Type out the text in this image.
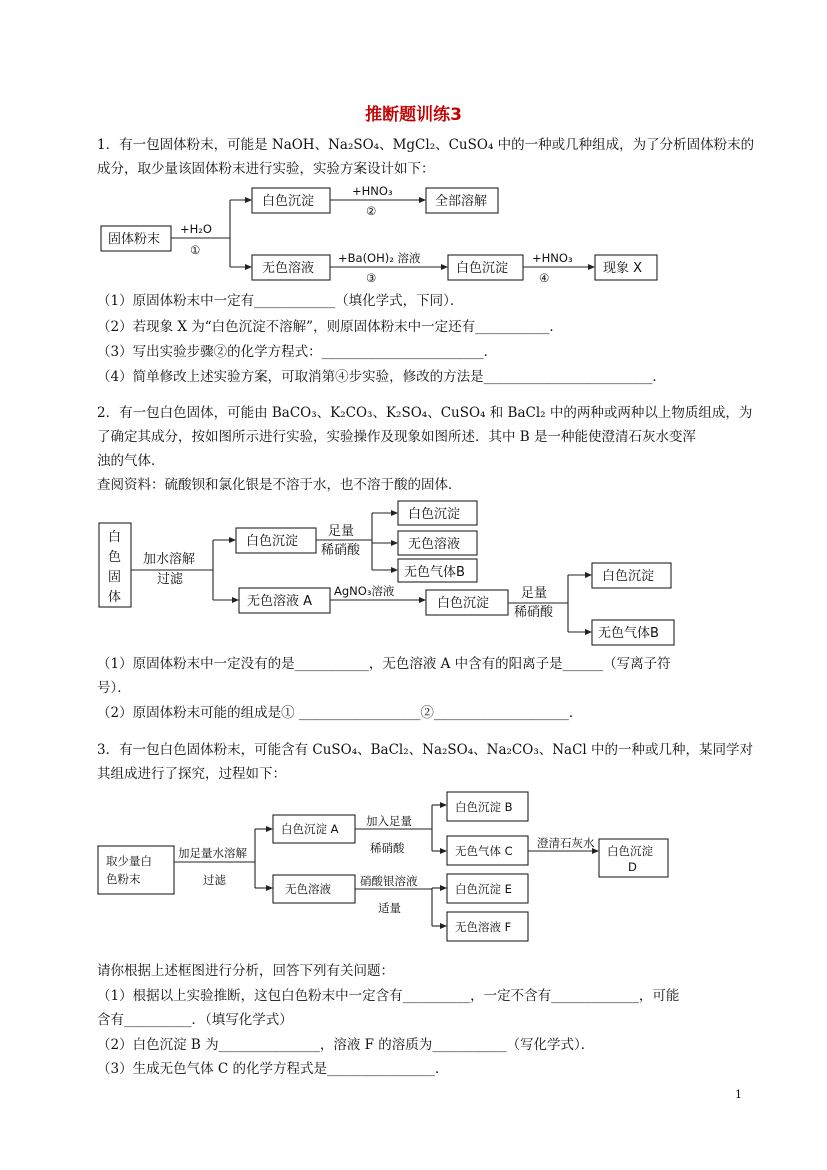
推断题训练3
1．有一包固体粉末，可能是 NaOH、Na₂SO₄、MgCl₂、CuSO₄ 中的一种或几种组成，为了分析固体粉末的
成分，取少量该固体粉末进行实验，实验方案设计如下：
固体粉末
+H₂O
①
白色沉淀
+HNO₃
②
全部溶解
无色溶液
+Ba(OH)₂ 溶液
③
白色沉淀
+HNO₃
④
现象 X
白
色
固
体
加水溶解
过滤
白色沉淀
足量
稀硝酸
白色沉淀
无色溶液
无色气体B
无色溶液 A
AgNO₃溶液
白色沉淀
足量
稀硝酸
白色沉淀
无色气体B
取少量白
色粉末
加足量水溶解
过滤
白色沉淀 A
加入足量
稀硝酸
白色沉淀 B
无色气体 C
澄清石灰水
白色沉淀
D
无色溶液
硝酸银溶液
适量
白色沉淀 E
无色溶液 F
（1）原固体粉末中一定有____________（填化学式，下同）．
（2）若现象 X 为“白色沉淀不溶解”，则原固体粉末中一定还有___________．
（3）写出实验步骤②的化学方程式：________________________．
（4）简单修改上述实验方案，可取消第④步实验，修改的方法是_________________________．
2．有一包白色固体，可能由 BaCO₃、K₂CO₃、K₂SO₄、CuSO₄ 和 BaCl₂ 中的两种或两种以上物质组成，为
了确定其成分，按如图所示进行实验，实验操作及现象如图所述．其中 B 是一种能使澄清石灰水变浑
浊的气体．
查阅资料：硫酸钡和氯化银是不溶于水，也不溶于酸的固体．
（1）原固体粉末中一定没有的是___________，无色溶液 A 中含有的阳离子是______（写离子符
号）．
（2）原固体粉末可能的组成是① __________________②____________________．
3．有一包白色固体粉末，可能含有 CuSO₄、BaCl₂、Na₂SO₄、Na₂CO₃、NaCl 中的一种或几种，某同学对
其组成进行了探究，过程如下：
请你根据上述框图进行分析，回答下列有关问题：
（1）根据以上实验推断，这包白色粉末中一定含有__________，一定不含有_____________，可能
含有__________．（填写化学式）
（2）白色沉淀 B 为_______________，溶液 F 的溶质为___________（写化学式）．
（3）生成无色气体 C 的化学方程式是________________．
1
